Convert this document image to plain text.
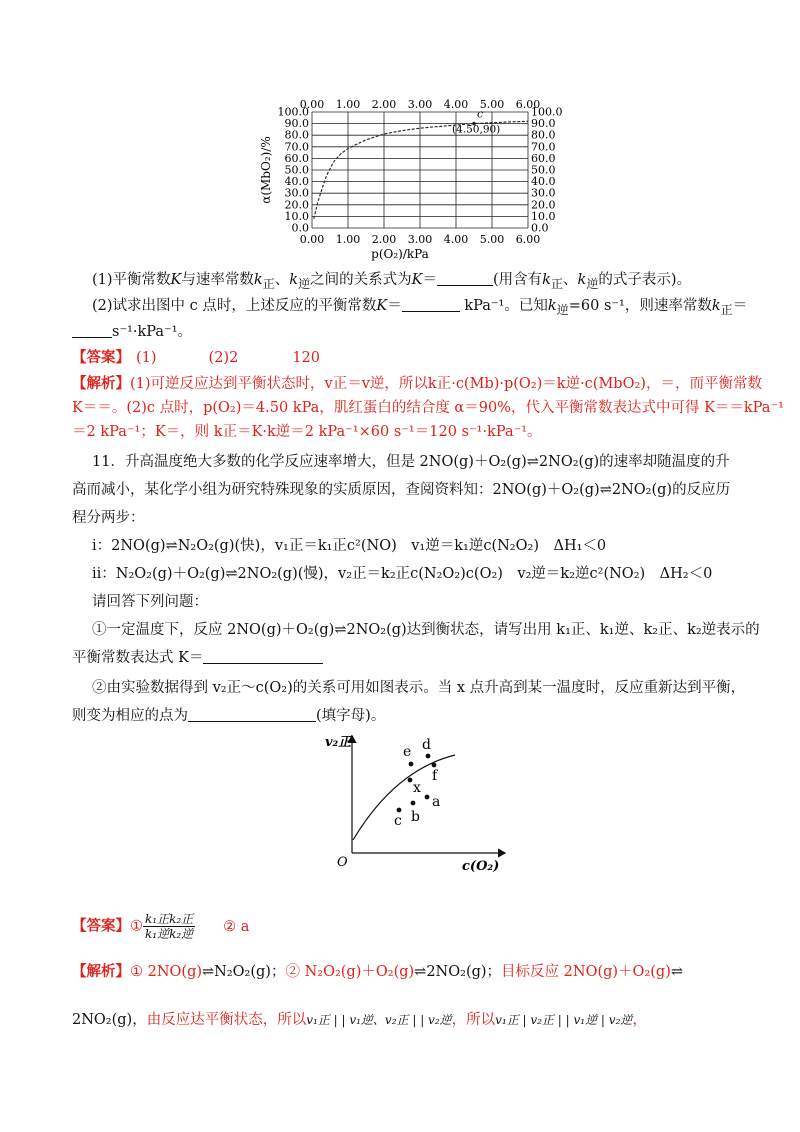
0.0	0.0
10.0	10.0
20.0	20.0
30.0	30.0
40.0	40.0
50.0	50.0
60.0	60.0
70.0	70.0
80.0	80.0
90.0	90.0
100.0	100.0
0.00
0.00
1.00
1.00
2.00
2.00
3.00
3.00
4.00
4.00
5.00
5.00
6.00
6.00
c
(4.50,90)
p(O₂)/kPa
α(MbO₂)/%
(1)平衡常数K与速率常数$k_正$、$k_逆$之间的关系式为K＝	(用含有$k_正$、$k_逆$的式子表示)。
(2)试求出图中 c 点时，上述反应的平衡常数K＝	kPa⁻¹。已知$k_逆=60$ s⁻¹，则速率常数$k_正=$
s⁻¹·kPa⁻¹。
【答案】 (1)	(2)2	120
【解析】(1)可逆反应达到平衡状态时，v正＝v逆，所以k正·c(Mb)·p(O₂)＝k逆·c(MbO₂)，＝，而平衡常数
K＝＝。(2)c 点时，p(O₂)＝4.50 kPa，肌红蛋白的结合度 α＝90%，代入平衡常数表达式中可得 K＝＝kPa⁻¹
＝2 kPa⁻¹；K＝，则 k正＝K·k逆＝2 kPa⁻¹×60 s⁻¹＝120 s⁻¹·kPa⁻¹。
11．升高温度绝大多数的化学反应速率增大，但是 2NO(g)＋O₂(g)⇌2NO₂(g)的速率却随温度的升
高而减小，某化学小组为研究特殊现象的实质原因，查阅资料知：2NO(g)＋O₂(g)⇌2NO₂(g)的反应历
程分两步：
i：2NO(g)⇌N₂O₂(g)(快)，v₁正＝k₁正c²(NO)　v₁逆＝k₁逆c(N₂O₂)　ΔH₁＜0
ii：N₂O₂(g)＋O₂(g)⇌2NO₂(g)(慢)，v₂正＝k₂正c(N₂O₂)c(O₂)　v₂逆＝k₂逆c²(NO₂)　ΔH₂＜0
请回答下列问题：
①一定温度下，反应 2NO(g)＋O₂(g)⇌2NO₂(g)达到衡状态，请写出用 k₁正、k₁逆、k₂正、k₂逆表示的
平衡常数表达式 K＝
②由实验数据得到 v₂正～c(O₂)的关系可用如图表示。当 x 点升高到某一温度时，反应重新达到平衡，
则变为相应的点为	(填字母)。
v₂正
c(O₂)
O
e d
f
x
a
b
c
【答案】① $\frac{\text{k₁正k₂正}}{\text{k₁逆k₂逆}}$ ② a
【解析】① 2NO(g)⇌N₂O₂(g)；② N₂O₂(g)＋O₂(g)⇌2NO₂(g)；目标反应 2NO(g)＋O₂(g)⇌
2NO₂(g)，由反应达平衡状态，所以v₁正 | | v₁逆、v₂正 | | v₂逆，所以v₁正 | v₂正 | | v₁逆 | v₂逆，
